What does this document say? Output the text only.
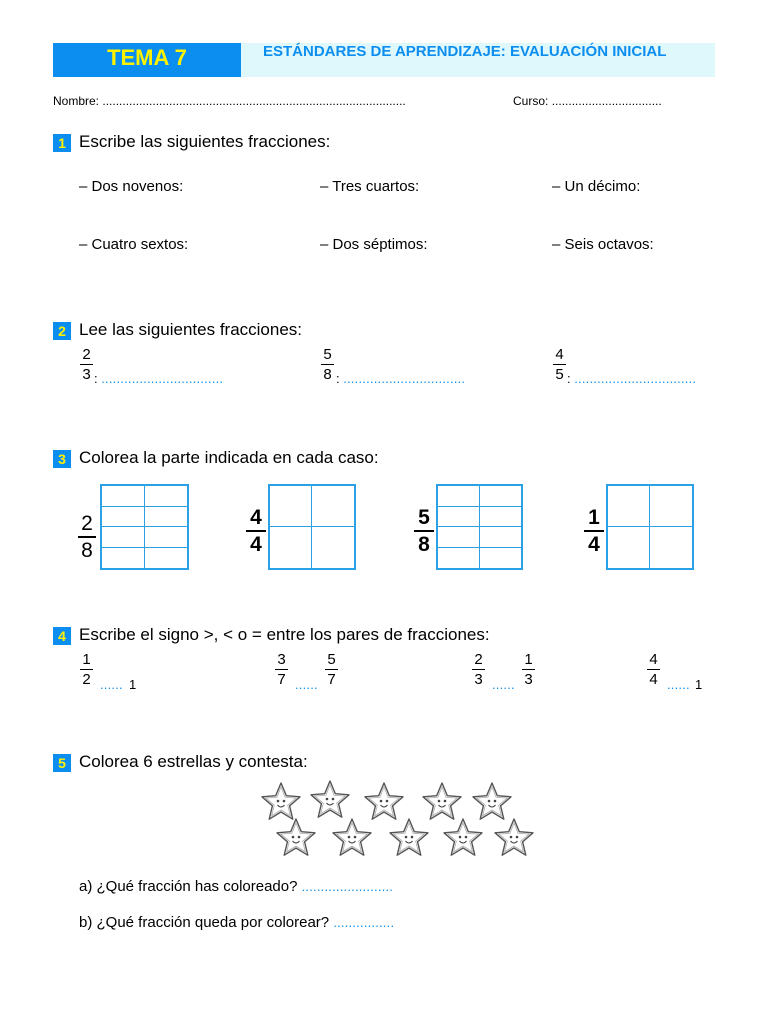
TEMA 7	ESTÁNDARES DE APRENDIZAJE: EVALUACIÓN INICIAL
Nombre: ...........................................................................................	Curso: .................................
1 Escribe las siguientes fracciones:
– Dos novenos:	– Tres cuartos:	– Un décimo:
– Cuatro sextos:	– Dos séptimos:	– Seis octavos:
2 Lee las siguientes fracciones:
2
3 : ................................
5
8 : ................................
4
5 : ................................
3 Colorea la parte indicada en cada caso:
2
8
4
4
5
8
1
4
4 Escribe el signo >, < o = entre los pares de fracciones:
1
2 ...... 1
3
7 ......
5
7
2
3 ......
1
3
4
4 ...... 1
5 Colorea 6 estrellas y contesta:
a) ¿Qué fracción has coloreado? ........................
b) ¿Qué fracción queda por colorear? ................
